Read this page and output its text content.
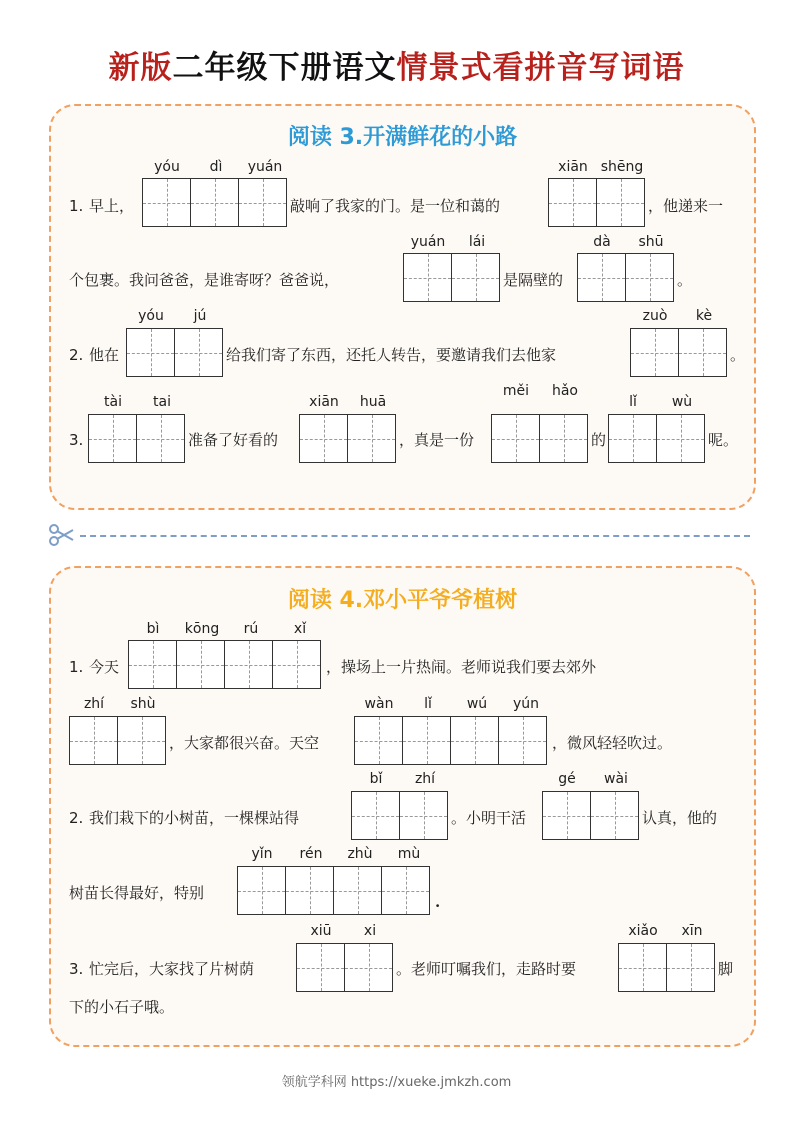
新版二年级下册语文情景式看拼音写词语
阅读 3.开满鲜花的小路
1. 早上，
yóu	dì	yuán
敲响了我家的门。是一位和蔼的
xiān shēng
，他递来一
个包裹。我问爸爸，是谁寄呀？爸爸说，
yuán	lái
是隔壁的
dà	shū
。
2. 他在
yóu	jú
给我们寄了东西，还托人转告，要邀请我们去他家
zuò	kè
。
3.
tài	tai
准备了好看的
xiān	huā
，真是一份
měi	hǎo
的
lǐ	wù
呢。
阅读 4.邓小平爷爷植树
1. 今天
bì	kōng	rú	xǐ
，操场上一片热闹。老师说我们要去郊外
zhí	shù
，大家都很兴奋。天空
wàn	lǐ	wú	yún
，微风轻轻吹过。
2. 我们栽下的小树苗，一棵棵站得
bǐ	zhí
。小明干活
gé	wài
认真，他的
树苗长得最好，特别
yǐn	rén	zhù	mù
.
3. 忙完后，大家找了片树荫
xiū	xi
。老师叮嘱我们，走路时要
xiǎo	xīn
脚
下的小石子哦。
领航学科网 https://xueke.jmkzh.com
